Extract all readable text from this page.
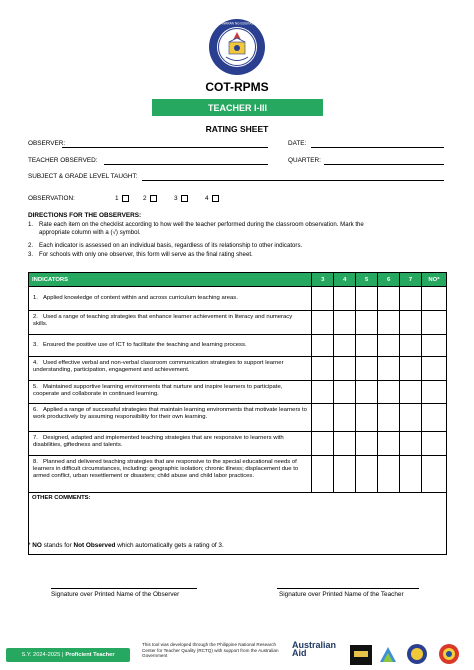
KAGAWARAN NG EDUKASYON
COT-RPMS
TEACHER I-III
RATING SHEET
OBSERVER:	DATE:
TEACHER OBSERVED:	QUARTER:
SUBJECT & GRADE LEVEL TAUGHT:
OBSERVATION:	1	2	3	4
DIRECTIONS FOR THE OBSERVERS:
1. Rate each item on the checklist according to how well the teacher performed during the classroom observation. Mark the
appropriate column with a (√) symbol.
2. Each indicator is assessed on an individual basis, regardless of its relationship to other indicators.
3. For schools with only one observer, this form will serve as the final rating sheet.
INDICATORS	3	4	5	6	7	NO*
1. Applied knowledge of content within and across curriculum teaching areas.						
2. Used a range of teaching strategies that enhance learner achievement in literacy and numeracy skills.						
3. Ensured the positive use of ICT to facilitate the teaching and learning process.						
4. Used effective verbal and non-verbal classroom communication strategies to support learner understanding, participation, engagement and achievement.						
5. Maintained supportive learning environments that nurture and inspire learners to participate, cooperate and collaborate in continued learning.						
6. Applied a range of successful strategies that maintain learning environments that motivate learners to work productively by assuming responsibility for their own learning.						
7. Designed, adapted and implemented teaching strategies that are responsive to learners with disabilities, giftedness and talents.						
8. Planned and delivered teaching strategies that are responsive to the special educational needs of learners in difficult circumstances, including: geographic isolation; chronic illness; displacement due to armed conflict, urban resettlement or disasters; child abuse and child labor practices.						
OTHER COMMENTS:						
* NO stands for Not Observed which automatically gets a rating of 3.
Signature over Printed Name of the Observer	Signature over Printed Name of the Teacher
S.Y. 2024-2025 | Proficient Teacher
This tool was developed through the Philippine National Research Center for Teacher Quality (RCTQ) with support from the Australian Government
Australian
Aid
